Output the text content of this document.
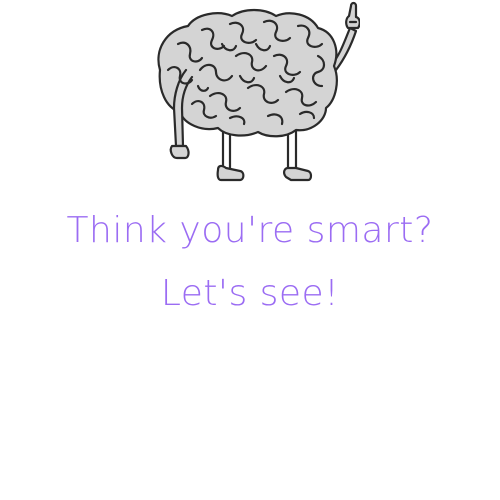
Think you're smart?

Let's see!
